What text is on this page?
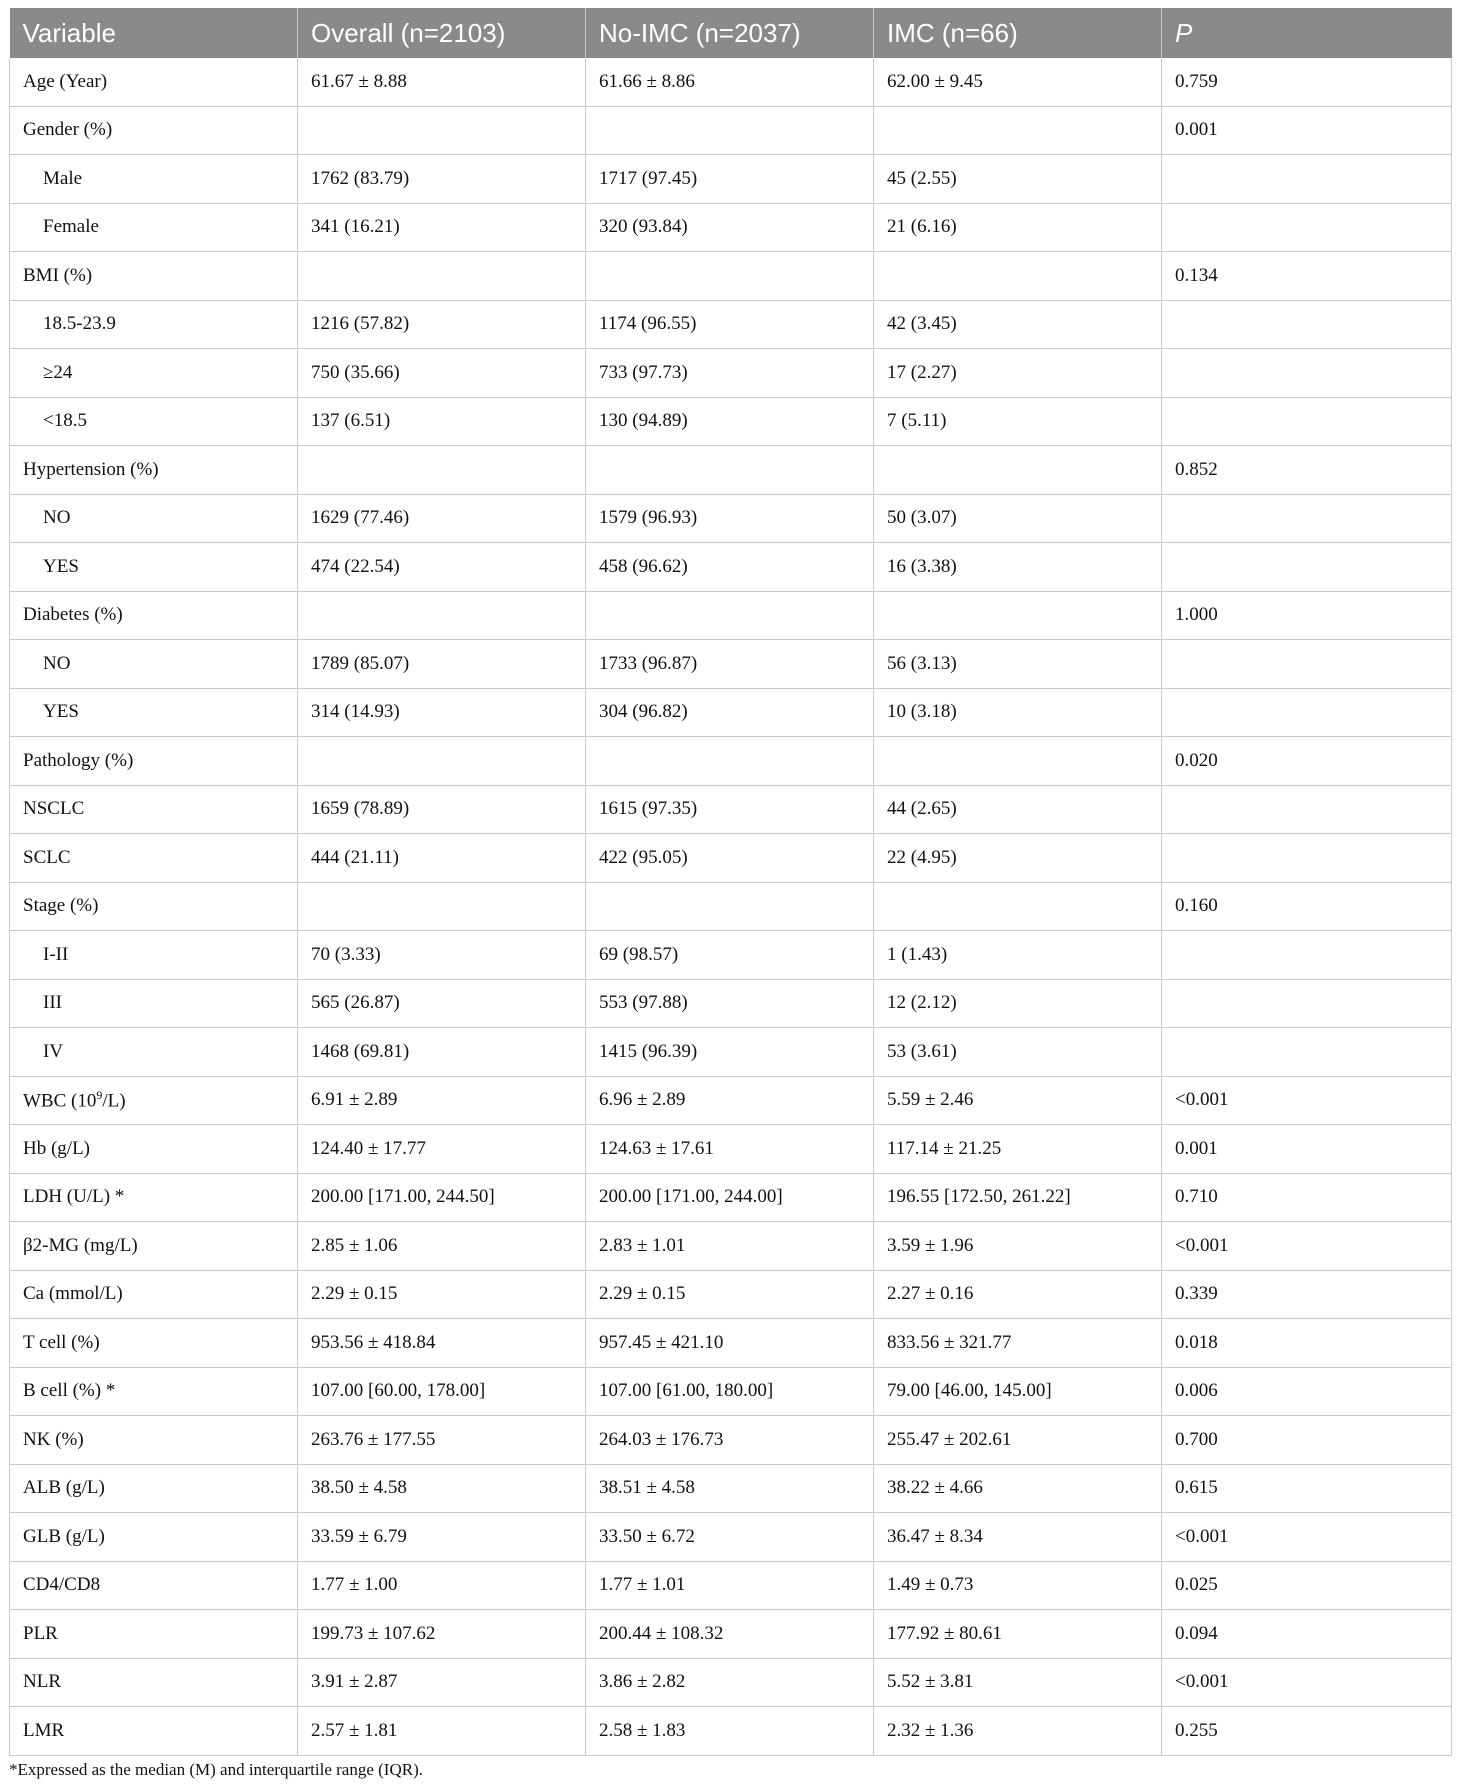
Variable	Overall (n=2103)	No-IMC (n=2037)	IMC (n=66)	P
Age (Year)	61.67 ± 8.88	61.66 ± 8.86	62.00 ± 9.45	0.759
Gender (%)				0.001
Male	1762 (83.79)	1717 (97.45)	45 (2.55)	
Female	341 (16.21)	320 (93.84)	21 (6.16)	
BMI (%)				0.134
18.5-23.9	1216 (57.82)	1174 (96.55)	42 (3.45)	
≥24	750 (35.66)	733 (97.73)	17 (2.27)	
<18.5	137 (6.51)	130 (94.89)	7 (5.11)	
Hypertension (%)				0.852
NO	1629 (77.46)	1579 (96.93)	50 (3.07)	
YES	474 (22.54)	458 (96.62)	16 (3.38)	
Diabetes (%)				1.000
NO	1789 (85.07)	1733 (96.87)	56 (3.13)	
YES	314 (14.93)	304 (96.82)	10 (3.18)	
Pathology (%)				0.020
NSCLC	1659 (78.89)	1615 (97.35)	44 (2.65)	
SCLC	444 (21.11)	422 (95.05)	22 (4.95)	
Stage (%)				0.160
I-II	70 (3.33)	69 (98.57)	1 (1.43)	
III	565 (26.87)	553 (97.88)	12 (2.12)	
IV	1468 (69.81)	1415 (96.39)	53 (3.61)	
WBC $(10^9/L)$	6.91 ± 2.89	6.96 ± 2.89	5.59 ± 2.46	<0.001
Hb (g/L)	124.40 ± 17.77	124.63 ± 17.61	117.14 ± 21.25	0.001
LDH (U/L) *	200.00 [171.00, 244.50]	200.00 [171.00, 244.00]	196.55 [172.50, 261.22]	0.710
β2-MG (mg/L)	2.85 ± 1.06	2.83 ± 1.01	3.59 ± 1.96	<0.001
Ca (mmol/L)	2.29 ± 0.15	2.29 ± 0.15	2.27 ± 0.16	0.339
T cell (%)	953.56 ± 418.84	957.45 ± 421.10	833.56 ± 321.77	0.018
B cell (%) *	107.00 [60.00, 178.00]	107.00 [61.00, 180.00]	79.00 [46.00, 145.00]	0.006
NK (%)	263.76 ± 177.55	264.03 ± 176.73	255.47 ± 202.61	0.700
ALB (g/L)	38.50 ± 4.58	38.51 ± 4.58	38.22 ± 4.66	0.615
GLB (g/L)	33.59 ± 6.79	33.50 ± 6.72	36.47 ± 8.34	<0.001
CD4/CD8	1.77 ± 1.00	1.77 ± 1.01	1.49 ± 0.73	0.025
PLR	199.73 ± 107.62	200.44 ± 108.32	177.92 ± 80.61	0.094
NLR	3.91 ± 2.87	3.86 ± 2.82	5.52 ± 3.81	<0.001
LMR	2.57 ± 1.81	2.58 ± 1.83	2.32 ± 1.36	0.255
*Expressed as the median (M) and interquartile range (IQR).
